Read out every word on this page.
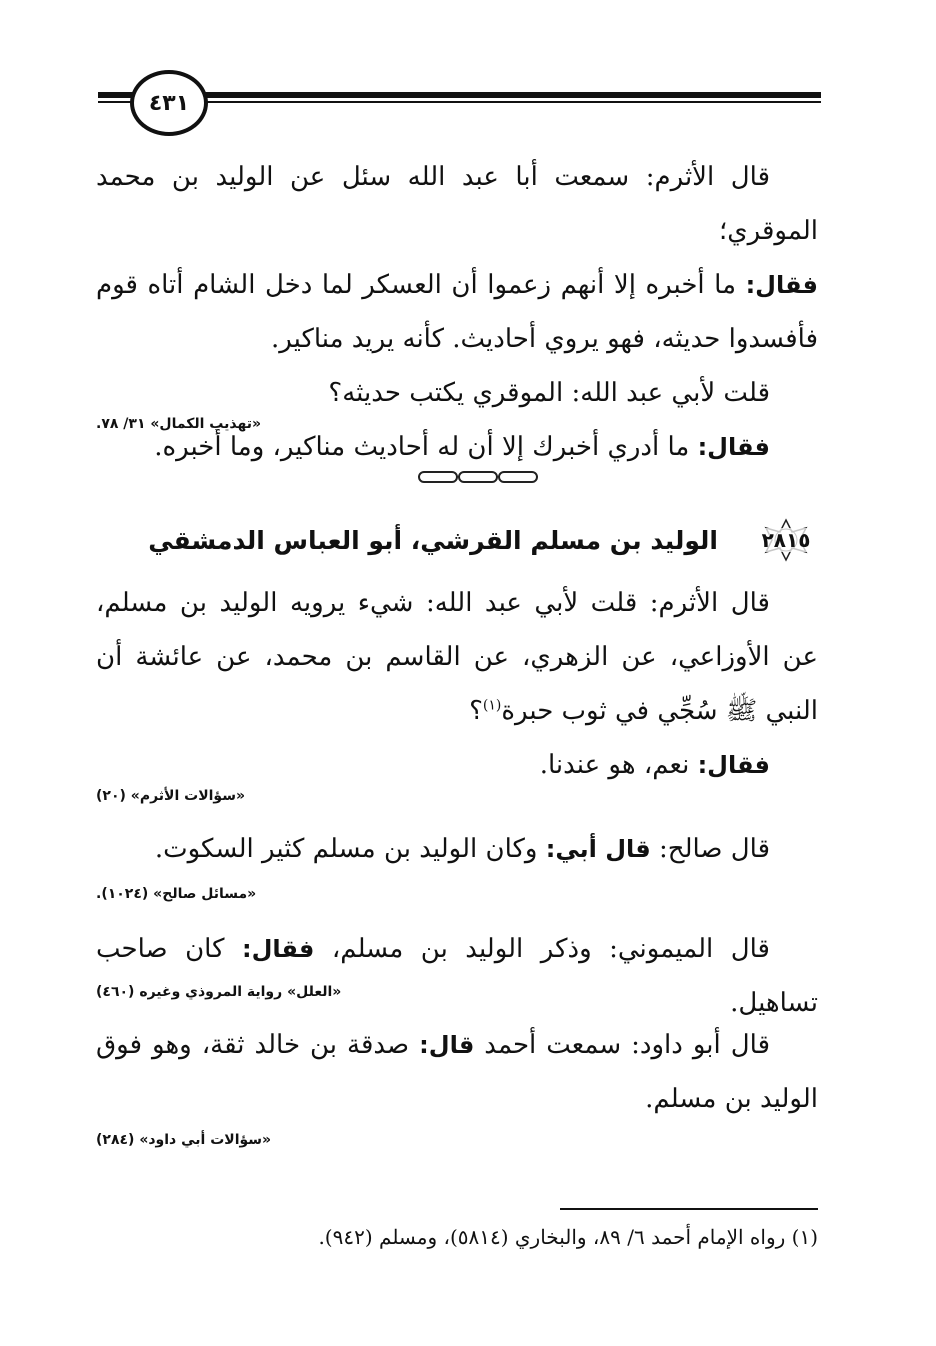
٤٣١

قال الأثرم: سمعت أبا عبد الله سئل عن الوليد بن محمد الموقري؛

فقال: ما أخبره إلا أنهم زعموا أن العسكر لما دخل الشام أتاه قوم فأفسدوا حديثه، فهو يروي أحاديث. كأنه يريد مناكير.

قلت لأبي عبد الله: الموقري يكتب حديثه؟

فقال: ما أدري أخبرك إلا أن له أحاديث مناكير، وما أخبره.

«تهذيب الكمال» ٣١/ ٧٨.
٢٨١٥
الوليد بن مسلم القرشي، أبو العباس الدمشقي

قال الأثرم: قلت لأبي عبد الله: شيء يرويه الوليد بن مسلم، عن الأوزاعي، عن الزهري، عن القاسم بن محمد، عن عائشة أن النبي ﷺ سُجِّي في ثوب حبرة$^{(١)}$؟

فقال: نعم، هو عندنا.

«سؤالات الأثرم» (٢٠)

قال صالح: قال أبي: وكان الوليد بن مسلم كثير السكوت.

«مسائل صالح» (١٠٢٤).

قال الميموني: وذكر الوليد بن مسلم، فقال: كان صاحب تساهيل.

«العلل» رواية المروذي وغيره (٤٦٠)

قال أبو داود: سمعت أحمد قال: صدقة بن خالد ثقة، وهو فوق الوليد بن مسلم.

«سؤالات أبي داود» (٢٨٤)
(١) رواه الإمام أحمد ٦/ ٨٩، والبخاري (٥٨١٤)، ومسلم (٩٤٢).
